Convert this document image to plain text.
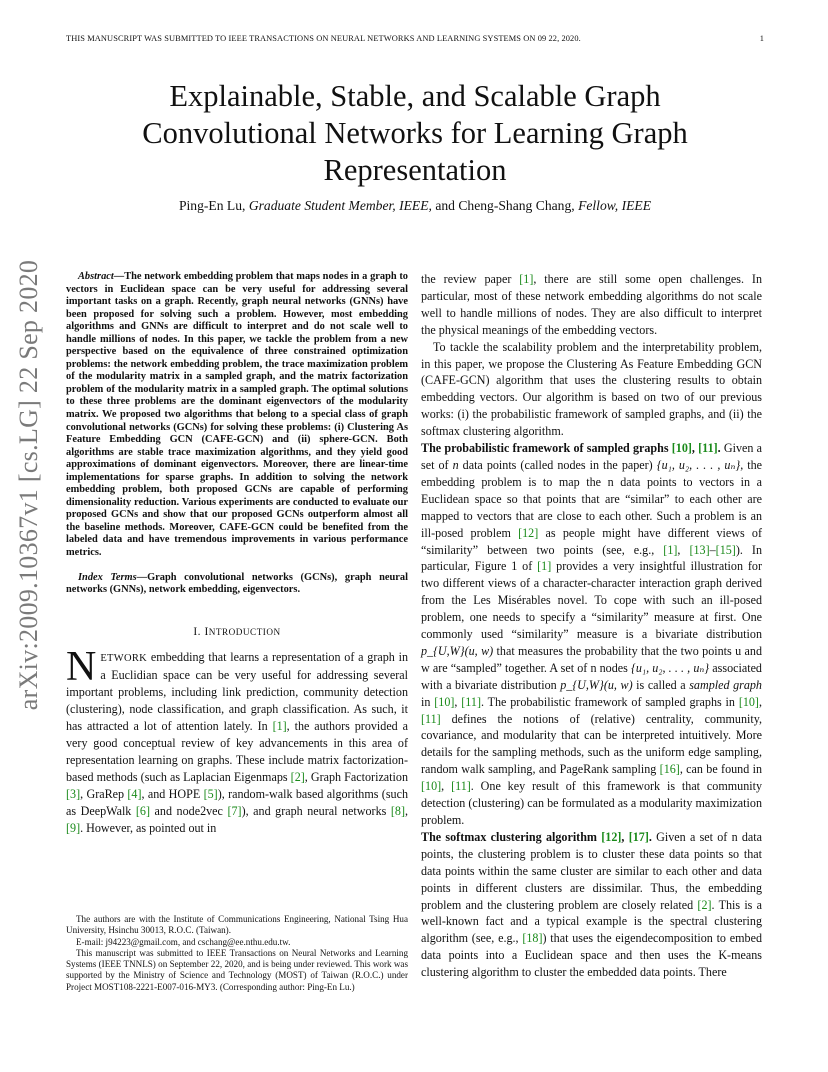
THIS MANUSCRIPT WAS SUBMITTED TO IEEE TRANSACTIONS ON NEURAL NETWORKS AND LEARNING SYSTEMS ON 09 22, 2020.	1
arXiv:2009.10367v1 [cs.LG] 22 Sep 2020
Explainable, Stable, and Scalable Graph
Convolutional Networks for Learning Graph
Representation
Ping-En Lu, Graduate Student Member, IEEE, and Cheng-Shang Chang, Fellow, IEEE

Abstract—The network embedding problem that maps nodes in a graph to vectors in Euclidean space can be very useful for addressing several important tasks on a graph. Recently, graph neural networks (GNNs) have been proposed for solving such a problem. However, most embedding algorithms and GNNs are difficult to interpret and do not scale well to handle millions of nodes. In this paper, we tackle the problem from a new perspective based on the equivalence of three constrained optimization problems: the network embedding problem, the trace maximization problem of the modularity matrix in a sampled graph, and the matrix factorization problem of the modularity matrix in a sampled graph. The optimal solutions to these three problems are the dominant eigenvectors of the modularity matrix. We proposed two algorithms that belong to a special class of graph convolutional networks (GCNs) for solving these problems: (i) Clustering As Feature Embedding GCN (CAFE-GCN) and (ii) sphere-GCN. Both algorithms are stable trace maximization algorithms, and they yield good approximations of dominant eigenvectors. Moreover, there are linear-time implementations for sparse graphs. In addition to solving the network embedding problem, both proposed GCNs are capable of performing dimensionality reduction. Various experiments are conducted to evaluate our proposed GCNs and show that our proposed GCNs outperform almost all the baseline methods. Moreover, CAFE-GCN could be benefited from the labeled data and have tremendous improvements in various performance metrics.

Index Terms—Graph convolutional networks (GCNs), graph neural networks (GNNs), network embedding, eigenvectors.

I. INTRODUCTION

NETWORK embedding that learns a representation of a graph in a Euclidian space can be very useful for addressing several important problems, including link prediction, community detection (clustering), node classification, and graph classification. As such, it has attracted a lot of attention lately. In [1], the authors provided a very good conceptual review of key advancements in this area of representation learning on graphs. These include matrix factorization-based methods (such as Laplacian Eigenmaps [2], Graph Factorization [3], GraRep [4], and HOPE [5]), random-walk based algorithms (such as DeepWalk [6] and node2vec [7]), and graph neural networks [8], [9]. However, as pointed out in

The authors are with the Institute of Communications Engineering, National Tsing Hua University, Hsinchu 30013, R.O.C. (Taiwan).

E-mail: j94223@gmail.com, and cschang@ee.nthu.edu.tw.

This manuscript was submitted to IEEE Transactions on Neural Networks and Learning Systems (IEEE TNNLS) on September 22, 2020, and is being under reviewed. This work was supported by the Ministry of Science and Technology (MOST) of Taiwan (R.O.C.) under Project MOST108-2221-E007-016-MY3. (Corresponding author: Ping-En Lu.)

the review paper [1], there are still some open challenges. In particular, most of these network embedding algorithms do not scale well to handle millions of nodes. They are also difficult to interpret the physical meanings of the embedding vectors.

To tackle the scalability problem and the interpretability problem, in this paper, we propose the Clustering As Feature Embedding GCN (CAFE-GCN) algorithm that uses the clustering results to obtain embedding vectors. Our algorithm is based on two of our previous works: (i) the probabilistic framework of sampled graphs, and (ii) the softmax clustering algorithm.

The probabilistic framework of sampled graphs [10], [11]. Given a set of n data points (called nodes in the paper) {u₁, u₂, . . . , uₙ}, the embedding problem is to map the n data points to vectors in a Euclidean space so that points that are “similar” to each other are mapped to vectors that are close to each other. Such a problem is an ill-posed problem [12] as people might have different views of “similarity” between two points (see, e.g., [1], [13]–[15]). In particular, Figure 1 of [1] provides a very insightful illustration for two different views of a character-character interaction graph derived from the Les Misérables novel. To cope with such an ill-posed problem, one needs to specify a “similarity” measure at first. One commonly used “similarity” measure is a bivariate distribution p_{U,W}(u, w) that measures the probability that the two points u and w are “sampled” together. A set of n nodes {u₁, u₂, . . . , uₙ} associated with a bivariate distribution p_{U,W}(u, w) is called a sampled graph in [10], [11]. The probabilistic framework of sampled graphs in [10], [11] defines the notions of (relative) centrality, community, covariance, and modularity that can be interpreted intuitively. More details for the sampling methods, such as the uniform edge sampling, random walk sampling, and PageRank sampling [16], can be found in [10], [11]. One key result of this framework is that community detection (clustering) can be formulated as a modularity maximization problem.

The softmax clustering algorithm [12], [17]. Given a set of n data points, the clustering problem is to cluster these data points so that data points within the same cluster are similar to each other and data points in different clusters are dissimilar. Thus, the embedding problem and the clustering problem are closely related [2]. This is a well-known fact and a typical example is the spectral clustering algorithm (see, e.g., [18]) that uses the eigendecomposition to embed data points into a Euclidean space and then uses the K-means clustering algorithm to cluster the embedded data points. There
